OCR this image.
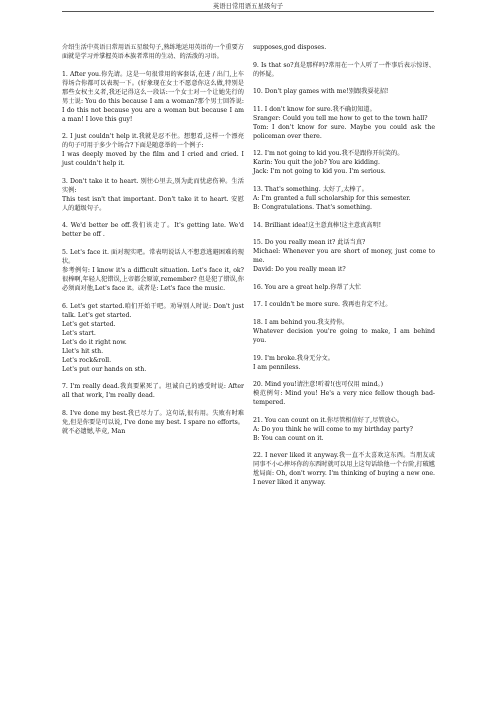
英语日常用语五星级句子
介绍生活中英语日常用语五星级句子,熟练地运用英语的一个重要方面就是学习并掌握英语本族者常用的生动、的活泼的习语。
1. After you.你先请。这是一句很常用的客套话,在进 / 出门,上车得场合你都可以表现一下。(好象现在女士不愿意你这么做,特别是那些女权主义者,我还记得这么一段话:一个女士对一个让她先行的男士说: You do this because I am a woman?那个男士回答说: I do this not because you are a woman but because I am a man! I love this guy!
2. I just couldn't help it.我就是忍不住。想想看,这样一个漂亮的句子可用于多少个场合?下面是随意举的一个例子:
I was deeply moved by the film and I cried and cried. I just couldn't help it.
3. Don't take it to heart. 别往心里去,别为此而忧虑伤神。生活实例:
This test isn't that important. Don't take it to heart. 安慰人的超级句子。
4. We'd better be off.我们该走了。It's getting late. We'd better be off .
5. Let's face it. 面对现实吧。常表明说话人不想意逃避困难的现状。
参考例句: I know it's a difficult situation. Let's face it, ok? 很棒啊,年轻人犯错误,上帝都会原谅,remember? 但是犯了错误,你必须面对他,Let's face it。或者是: Let's face the music.
6. Let's get started.咱们开始干吧。劝导别人时说: Don't just talk. Let's get started.
Let's get started.
Let's start.
Let's do it right now.
Llet's hit sth.
Let's rock&roll.
Let's put our hands on sth.
7. I'm really dead.我真要累死了。坦诚自己的感受时说: After all that work, I'm really dead.
8. I've done my best.我已尽力了。这句话,很有用。失败有时难免,但是你要是可以说, I've done my best. I spare no efforts。就不必遗憾,毕竟, Man
supposes,god disposes.
9. Is that so?真是那样吗?常用在一个人听了一件事后表示惊讶、的怀疑。
10. Don't play games with me!别跟我耍花招!
11. I don't know for sure.我不确切知道。
Sranger: Could you tell me how to get to the town hall?
Tom: I don't know for sure. Maybe you could ask the policeman over there.
12. I'm not going to kid you.我不是跟你开玩笑的。
Karin: You quit the job? You are kidding.
Jack: I'm not going to kid you. I'm serious.
13. That's something. 太好了,太棒了。
A: I'm granted a full scholarship for this semester.
B: Congratulations. That's something.
14. Brilliant idea!这主意真棒!这主意真高明!
15. Do you really mean it? 此话当真?
Michael: Whenever you are short of money, just come to me.
David: Do you really mean it?
16. You are a great help.你帮了大忙
17. I couldn't be more sure. 我再也肯定不过。
18. I am behind you.我支持你。
Whatever decision you're going to make, I am behind you.
19. I'm broke.我身无分文。
I am penniless.
20. Mind you!请注意!听着!(也可仅用 mind。)
模范例句: Mind you! He's a very nice fellow though bad-tempered.
21. You can count on it.你尽管相信好了,尽管放心。
A: Do you think he will come to my birthday party?
B: You can count on it.
22. I never liked it anyway.我一直不太喜欢这东西。当朋友或同事不小心摔坏你的东西时就可以用上这句话给他一个台阶,打破尴尬局面: Oh, don't worry. I'm thinking of buying a new one. I never liked it anyway.
